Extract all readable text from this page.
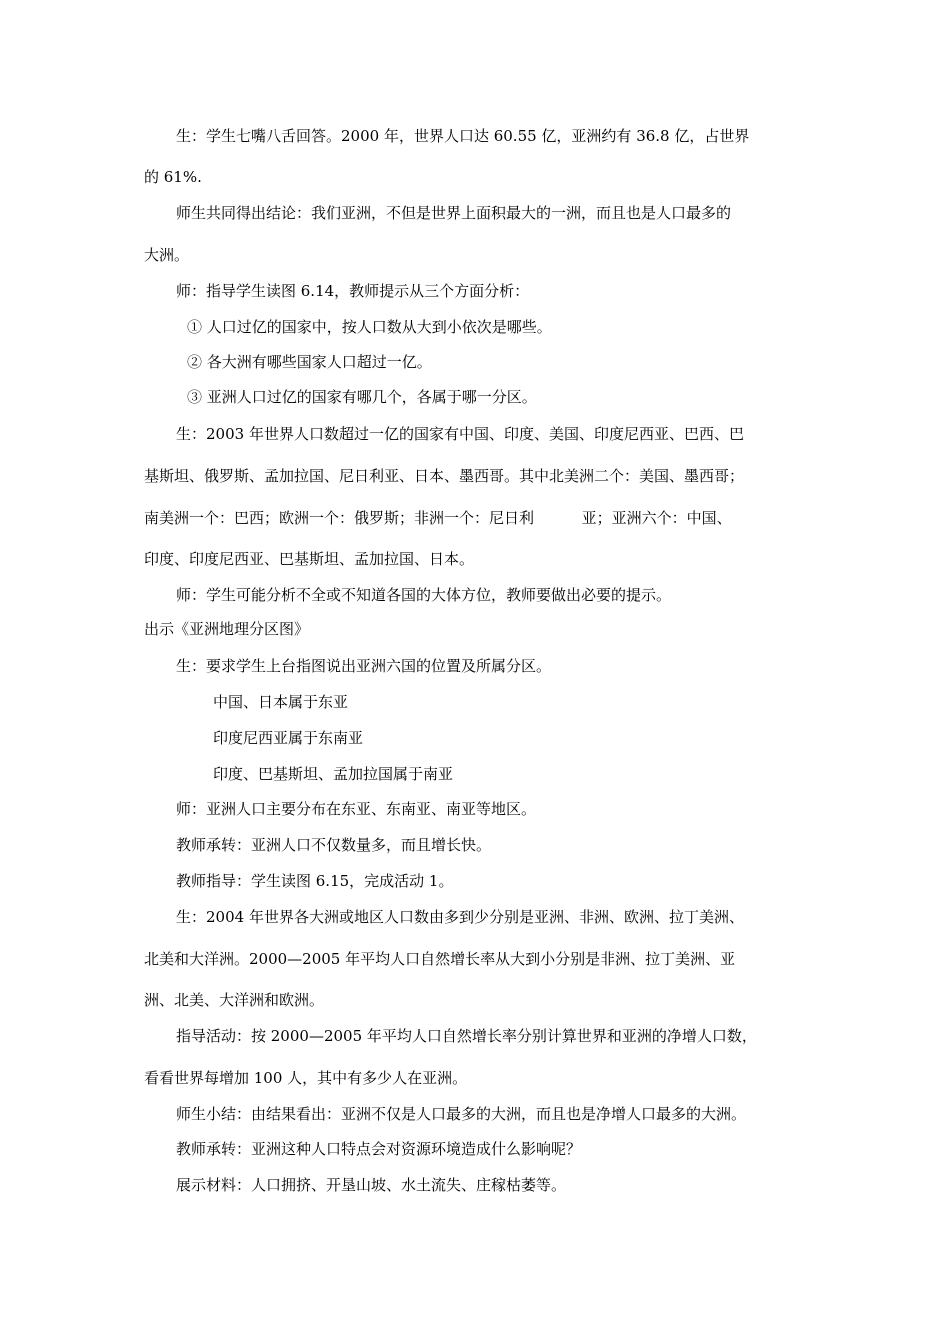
生：学生七嘴八舌回答。2000 年，世界人口达 60.55 亿，亚洲约有 36.8 亿，占世界
的 61%.
师生共同得出结论：我们亚洲，不但是世界上面积最大的一洲，而且也是人口最多的
大洲。
师：指导学生读图 6.14，教师提示从三个方面分析：
① 人口过亿的国家中，按人口数从大到小依次是哪些。
② 各大洲有哪些国家人口超过一亿。
③ 亚洲人口过亿的国家有哪几个，各属于哪一分区。
生：2003 年世界人口数超过一亿的国家有中国、印度、美国、印度尼西亚、巴西、巴
基斯坦、俄罗斯、孟加拉国、尼日利亚、日本、墨西哥。其中北美洲二个：美国、墨西哥；
南美洲一个：巴西；欧洲一个：俄罗斯；非洲一个：尼日利          亚；亚洲六个：中国、
印度、印度尼西亚、巴基斯坦、孟加拉国、日本。
师：学生可能分析不全或不知道各国的大体方位，教师要做出必要的提示。
出示《亚洲地理分区图》
生：要求学生上台指图说出亚洲六国的位置及所属分区。
中国、日本属于东亚
印度尼西亚属于东南亚
印度、巴基斯坦、孟加拉国属于南亚
师：亚洲人口主要分布在东亚、东南亚、南亚等地区。
教师承转：亚洲人口不仅数量多，而且增长快。
教师指导：学生读图 6.15，完成活动 1。
生：2004 年世界各大洲或地区人口数由多到少分别是亚洲、非洲、欧洲、拉丁美洲、
北美和大洋洲。2000—2005 年平均人口自然增长率从大到小分别是非洲、拉丁美洲、亚
洲、北美、大洋洲和欧洲。
指导活动：按 2000—2005 年平均人口自然增长率分别计算世界和亚洲的净增人口数，
看看世界每增加 100 人，其中有多少人在亚洲。
师生小结：由结果看出：亚洲不仅是人口最多的大洲，而且也是净增人口最多的大洲。
教师承转：亚洲这种人口特点会对资源环境造成什么影响呢？
展示材料：人口拥挤、开垦山坡、水土流失、庄稼枯萎等。
